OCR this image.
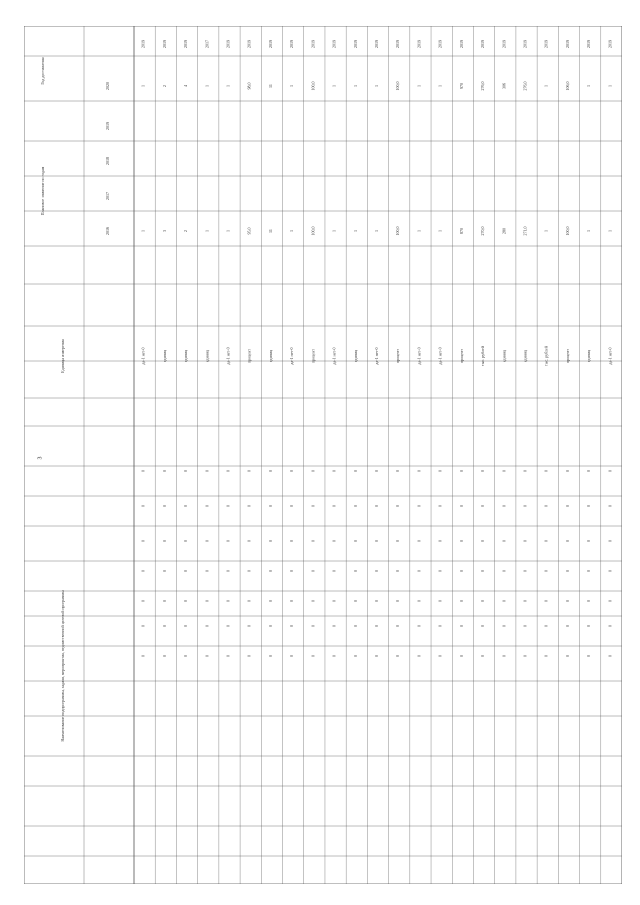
3
Наименование подпрограммы, задачи, мероприятия, ведомственной целевой программы
Единица измерения
Плановое значение по годам
Год достижения
2016
2017
2018
2019
2020
1
1
2019
да-1 нет-0
3
2
2019
единиц
2
4
2019
единиц
1
1
2017
единиц
1
1
2019
да-1 нет-0
95,0
98,0
2019
процент
11
11
2019
единиц
1
1
2019
да-1 нет-0
100,0
100,0
2019
процент
1
1
2019
да-1 нет-0
1
1
2019
единиц
1
1
2019
да-1 нет-0
100,0
100,0
2019
процент
1
1
2019
да-1 нет-0
1
1
2019
да-1 нет-0
870
970
2019
процент
270,0
276,0
2019
тыс. рублей
280
306
2019
единиц
271,0
276,0
2019
единиц
1
1
2019
тыс. рублей
100,0
106,0
2019
процент
1
1
2019
единиц
1
1
2019
да-1 нет-0
0
0
0
0
0
0
0
0
0
0
0
0
0
0
0
0
0
0
0
0
0
0
0
0
0
0
0
0
0
0
0
0
0
0
0
0
0
0
0
0
0
0
0
0
0
0
0
0
0
0
0
0
0
0
0
0
0
0
0
0
0
0
0
0
0
0
0
0
0
0
0
0
0
0
0
0
0
0
0
0
0
0
0
0
0
0
0
0
0
0
0
0
0
0
0
0
0
0
0
0
0
0
0
0
0
0
0
0
0
0
0
0
0
0
0
0
0
0
0
0
0
0
0
0
0
0
0
0
0
0
0
0
0
0
0
0
0
0
0
0
0
0
0
0
0
0
0
0
0
0
0
0
0
0
0
0
0
0
0
0
0
